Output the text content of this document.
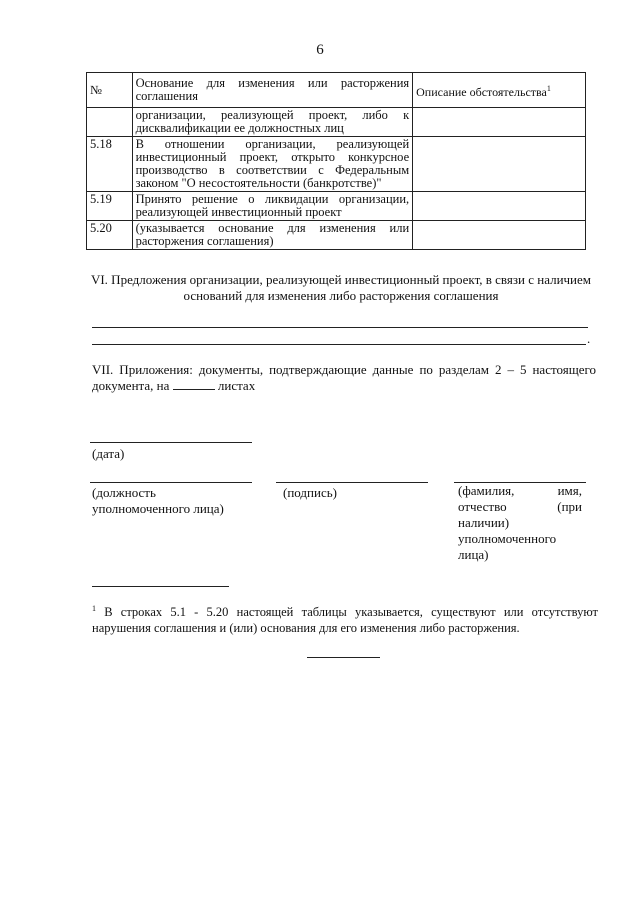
6
№	Основание для изменения или расторжения соглашения	Описание обстоятельства$^1$
	организации, реализующей проект, либо к дисквалификации ее должностных лиц	
5.18	В отношении организации, реализующей инвестиционный проект, открыто конкурсное производство в соответствии с Федеральным законом "О несостоятельности (банкротстве)"	
5.19	Принято решение о ликвидации организации, реализующей инвестиционный проект	
5.20	(указывается основание для изменения или расторжения соглашения)	
VI. Предложения организации, реализующей инвестиционный проект, в связи с наличием
оснований для изменения либо расторжения соглашения
.
VII. Приложения: документы, подтверждающие данные по разделам 2 – 5 настоящего документа, на	листах
(дата)
(должность
уполномоченного лица)
(подпись)	(фамилия,	имя,
отчество	(при
наличии)
уполномоченного
лица)
$^1$ В строках 5.1 - 5.20 настоящей таблицы указывается, существуют или отсутствуют нарушения соглашения и (или) основания для его изменения либо расторжения.
